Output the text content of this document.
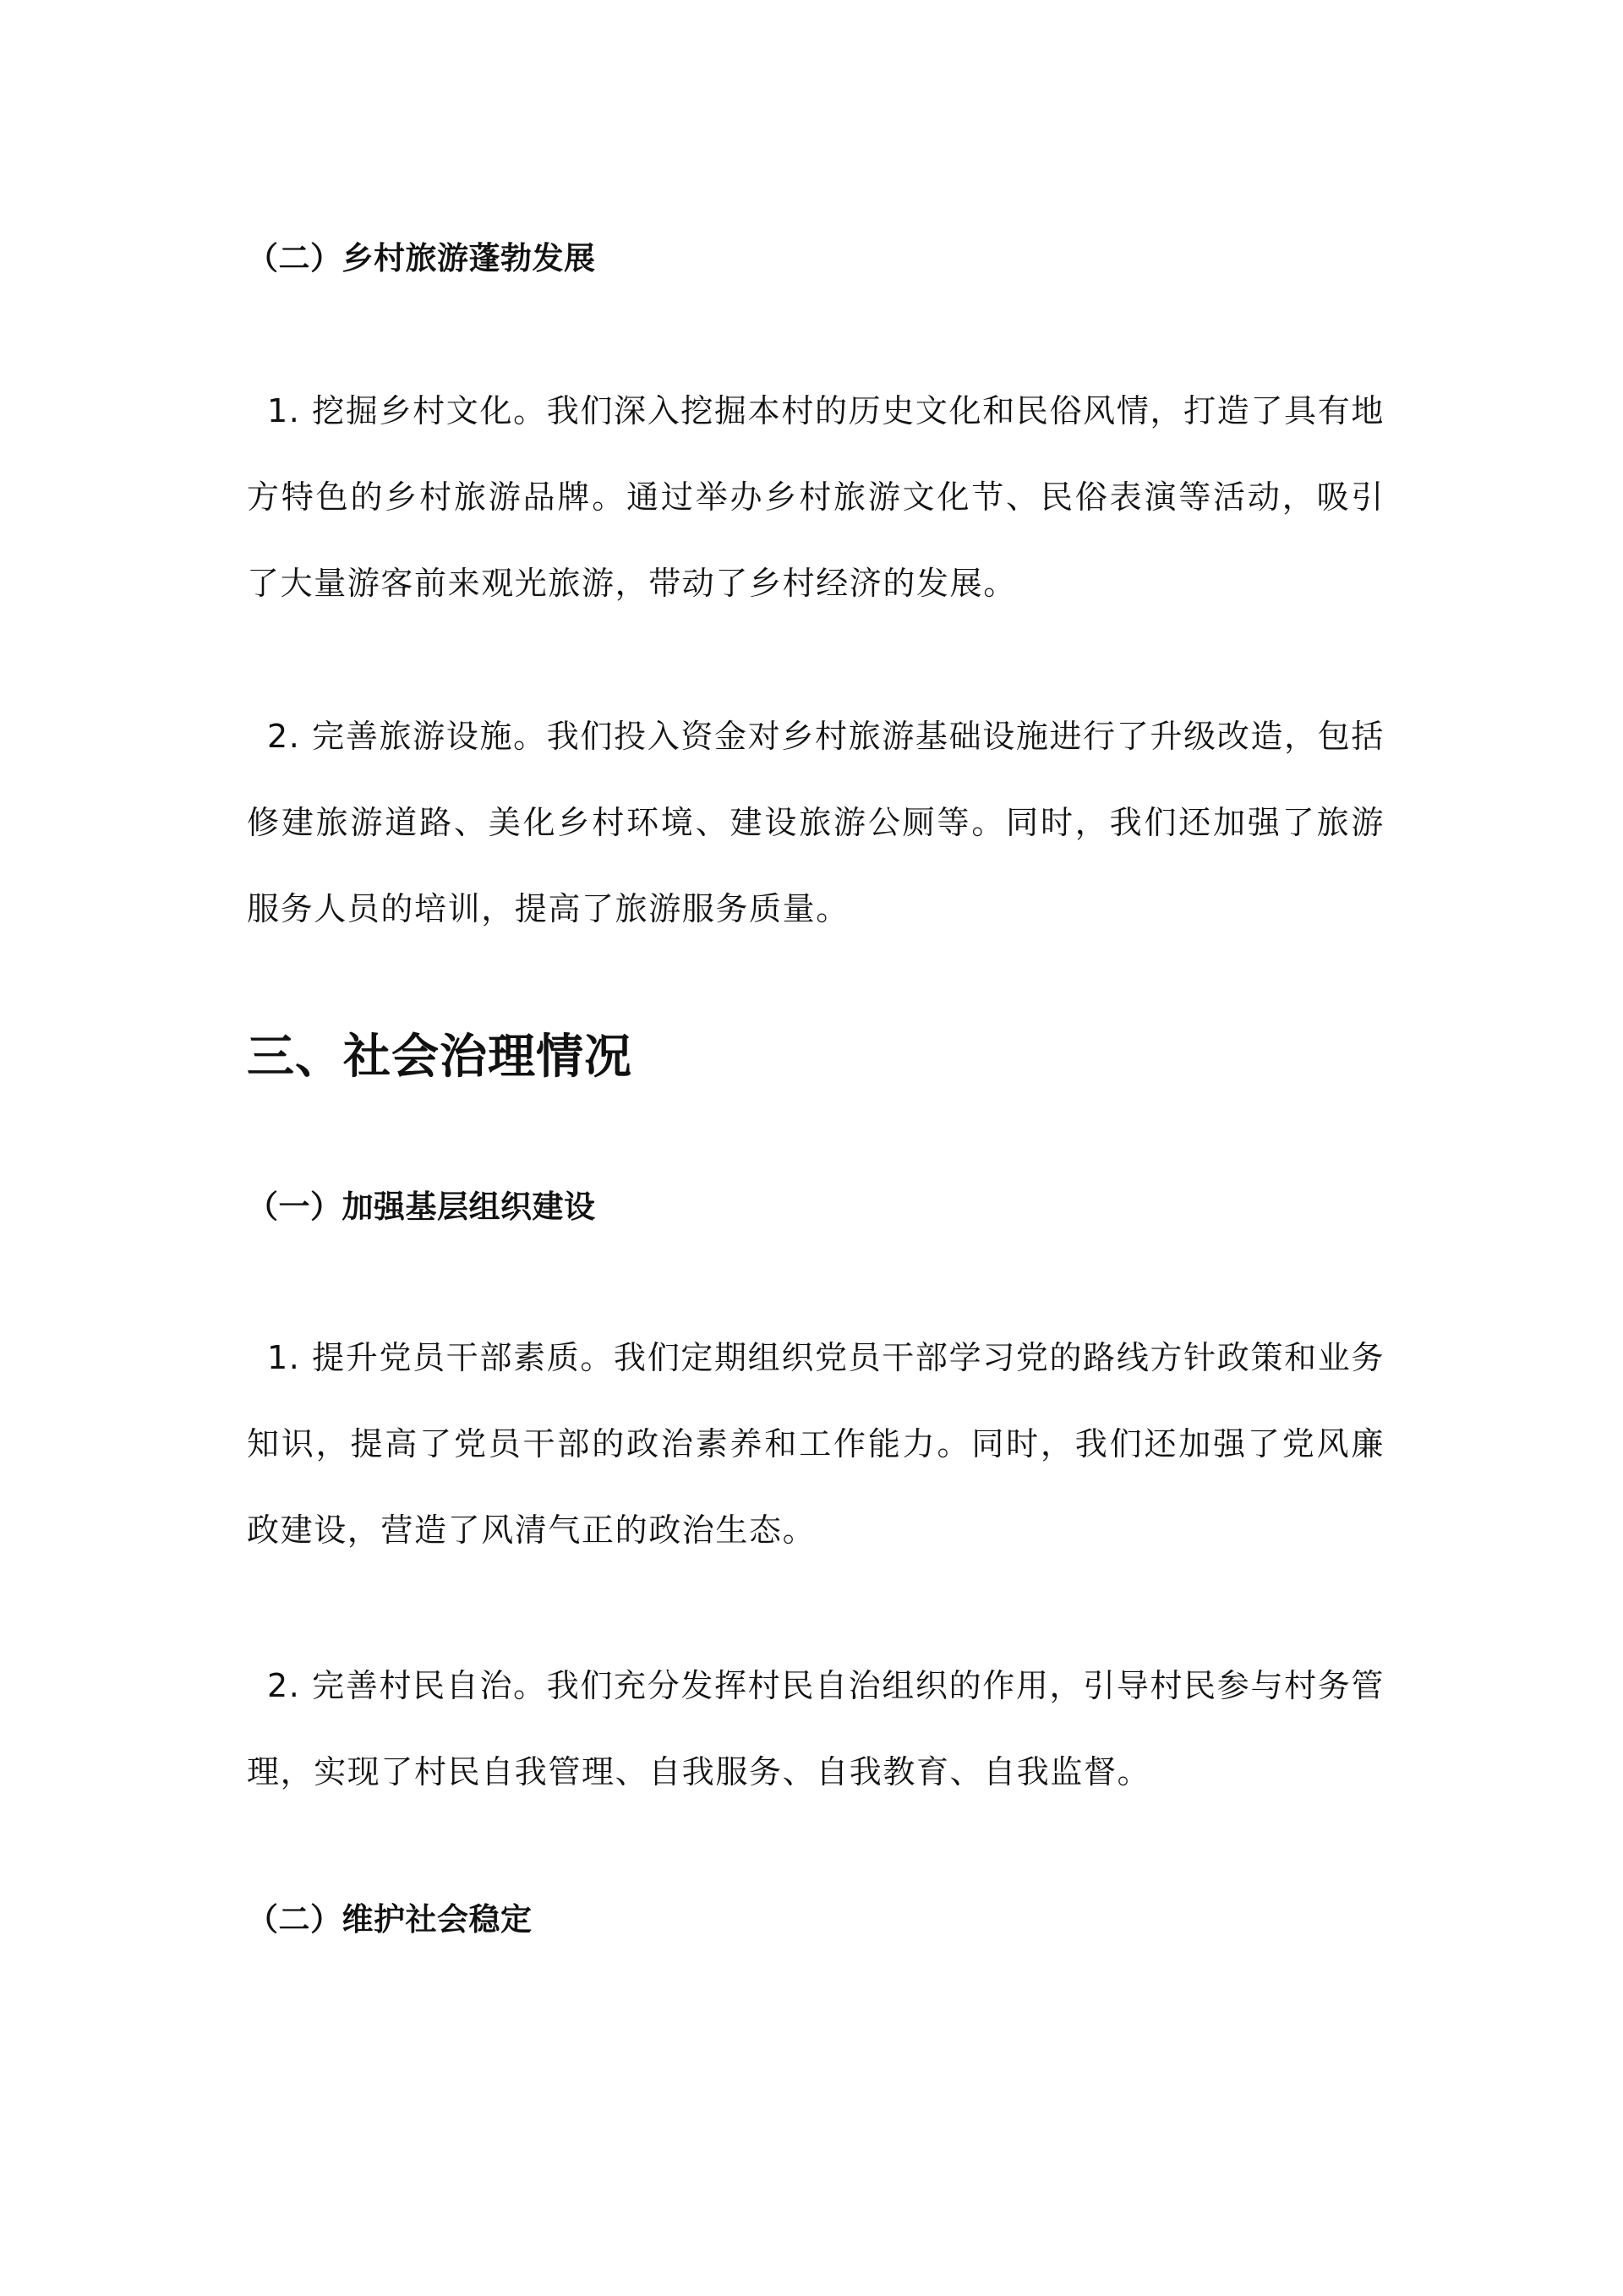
（二）乡村旅游蓬勃发展

1. 挖掘乡村文化。我们深入挖掘本村的历史文化和民俗风情，打造了具有地方特色的乡村旅游品牌。通过举办乡村旅游文化节、民俗表演等活动，吸引了大量游客前来观光旅游，带动了乡村经济的发展。

2. 完善旅游设施。我们投入资金对乡村旅游基础设施进行了升级改造，包括修建旅游道路、美化乡村环境、建设旅游公厕等。同时，我们还加强了旅游服务人员的培训，提高了旅游服务质量。

三、社会治理情况
（一）加强基层组织建设

1. 提升党员干部素质。我们定期组织党员干部学习党的路线方针政策和业务知识，提高了党员干部的政治素养和工作能力。同时，我们还加强了党风廉政建设，营造了风清气正的政治生态。

2. 完善村民自治。我们充分发挥村民自治组织的作用，引导村民参与村务管理，实现了村民自我管理、自我服务、自我教育、自我监督。

（二）维护社会稳定
